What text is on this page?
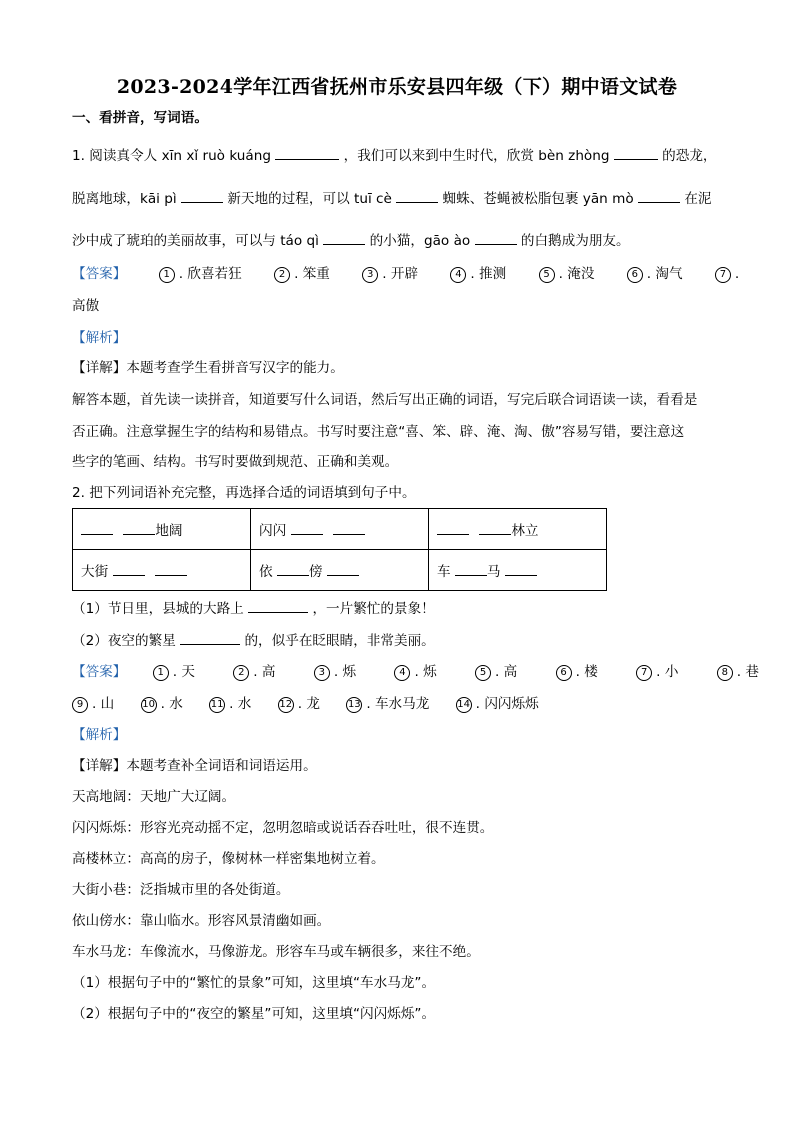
2023-2024学年江西省抚州市乐安县四年级（下）期中语文试卷
一、看拼音，写词语。
1. 阅读真令人 xīn xǐ ruò kuáng	，我们可以来到中生时代，欣赏 bèn zhòng	的恐龙，
脱离地球，kāi pì	新天地的过程，可以 tuī cè	蜘蛛、苍蝇被松脂包裹 yān mò	在泥
沙中成了琥珀的美丽故事，可以与 táo qì	的小猫，gāo ào	的白鹅成为朋友。
【答案】	1 . 欣喜若狂	2 . 笨重	3 . 开辟	4 . 推测	5 . 淹没	6 . 淘气	7 .
高傲
【解析】
【详解】本题考查学生看拼音写汉字的能力。
解答本题，首先读一读拼音，知道要写什么词语，然后写出正确的词语，写完后联合词语读一读，看看是
否正确。注意掌握生字的结构和易错点。书写时要注意“喜、笨、辟、淹、淘、傲”容易写错，要注意这
些字的笔画、结构。书写时要做到规范、正确和美观。
2. 把下列词语补充完整，再选择合适的词语填到句子中。
地阔	闪闪	林立
大街	依 傍	车 马
（1）节日里，县城的大路上	，一片繁忙的景象！
（2）夜空的繁星	的，似乎在眨眼睛，非常美丽。
【答案】	1 . 天	2 . 高	3 . 烁	4 . 烁	5 . 高	6 . 楼	7 . 小	8 . 巷
9 . 山	10 . 水	11 . 水	12 . 龙	13 . 车水马龙	14 . 闪闪烁烁
【解析】
【详解】本题考查补全词语和词语运用。
天高地阔：天地广大辽阔。
闪闪烁烁：形容光亮动摇不定，忽明忽暗或说话吞吞吐吐，很不连贯。
高楼林立：高高的房子，像树林一样密集地树立着。
大街小巷：泛指城市里的各处街道。
依山傍水：靠山临水。形容风景清幽如画。
车水马龙：车像流水，马像游龙。形容车马或车辆很多，来往不绝。
（1）根据句子中的“繁忙的景象”可知，这里填“车水马龙”。
（2）根据句子中的“夜空的繁星”可知，这里填“闪闪烁烁”。
